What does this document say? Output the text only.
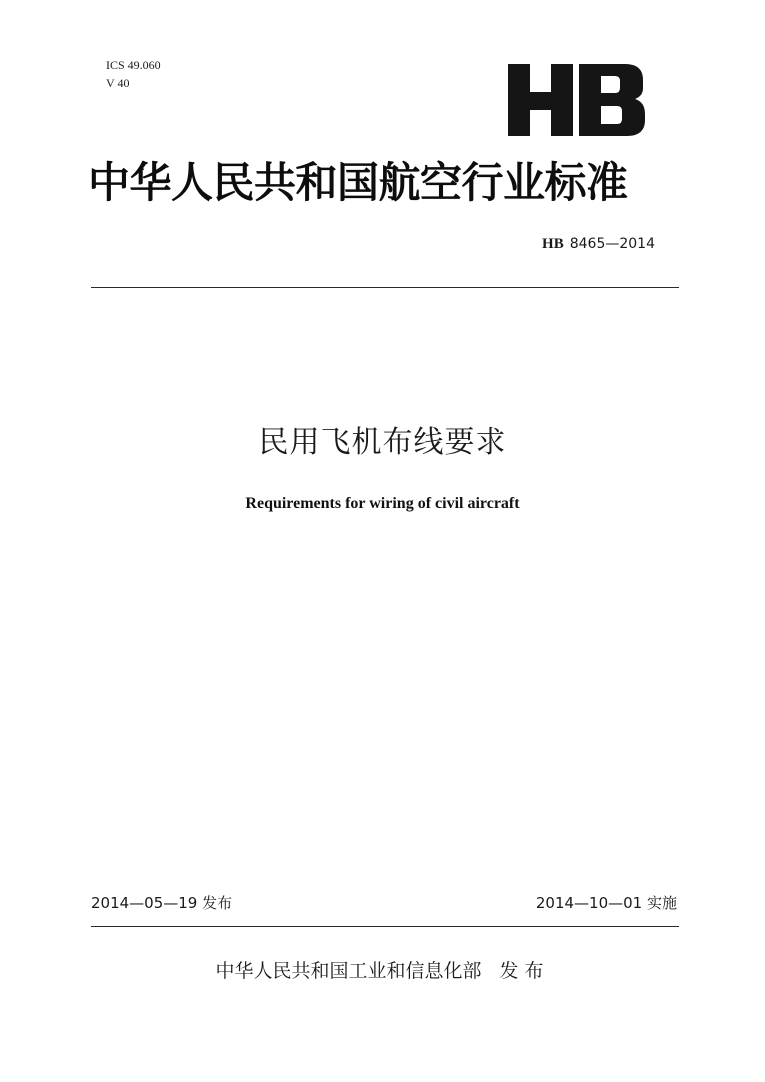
ICS 49.060
V 40
中华人民共和国航空行业标准
HB 8465—2014
民用飞机布线要求
Requirements for wiring of civil aircraft
2014—05—19 发布	2014—10—01 实施
中华人民共和国工业和信息化部 发布
